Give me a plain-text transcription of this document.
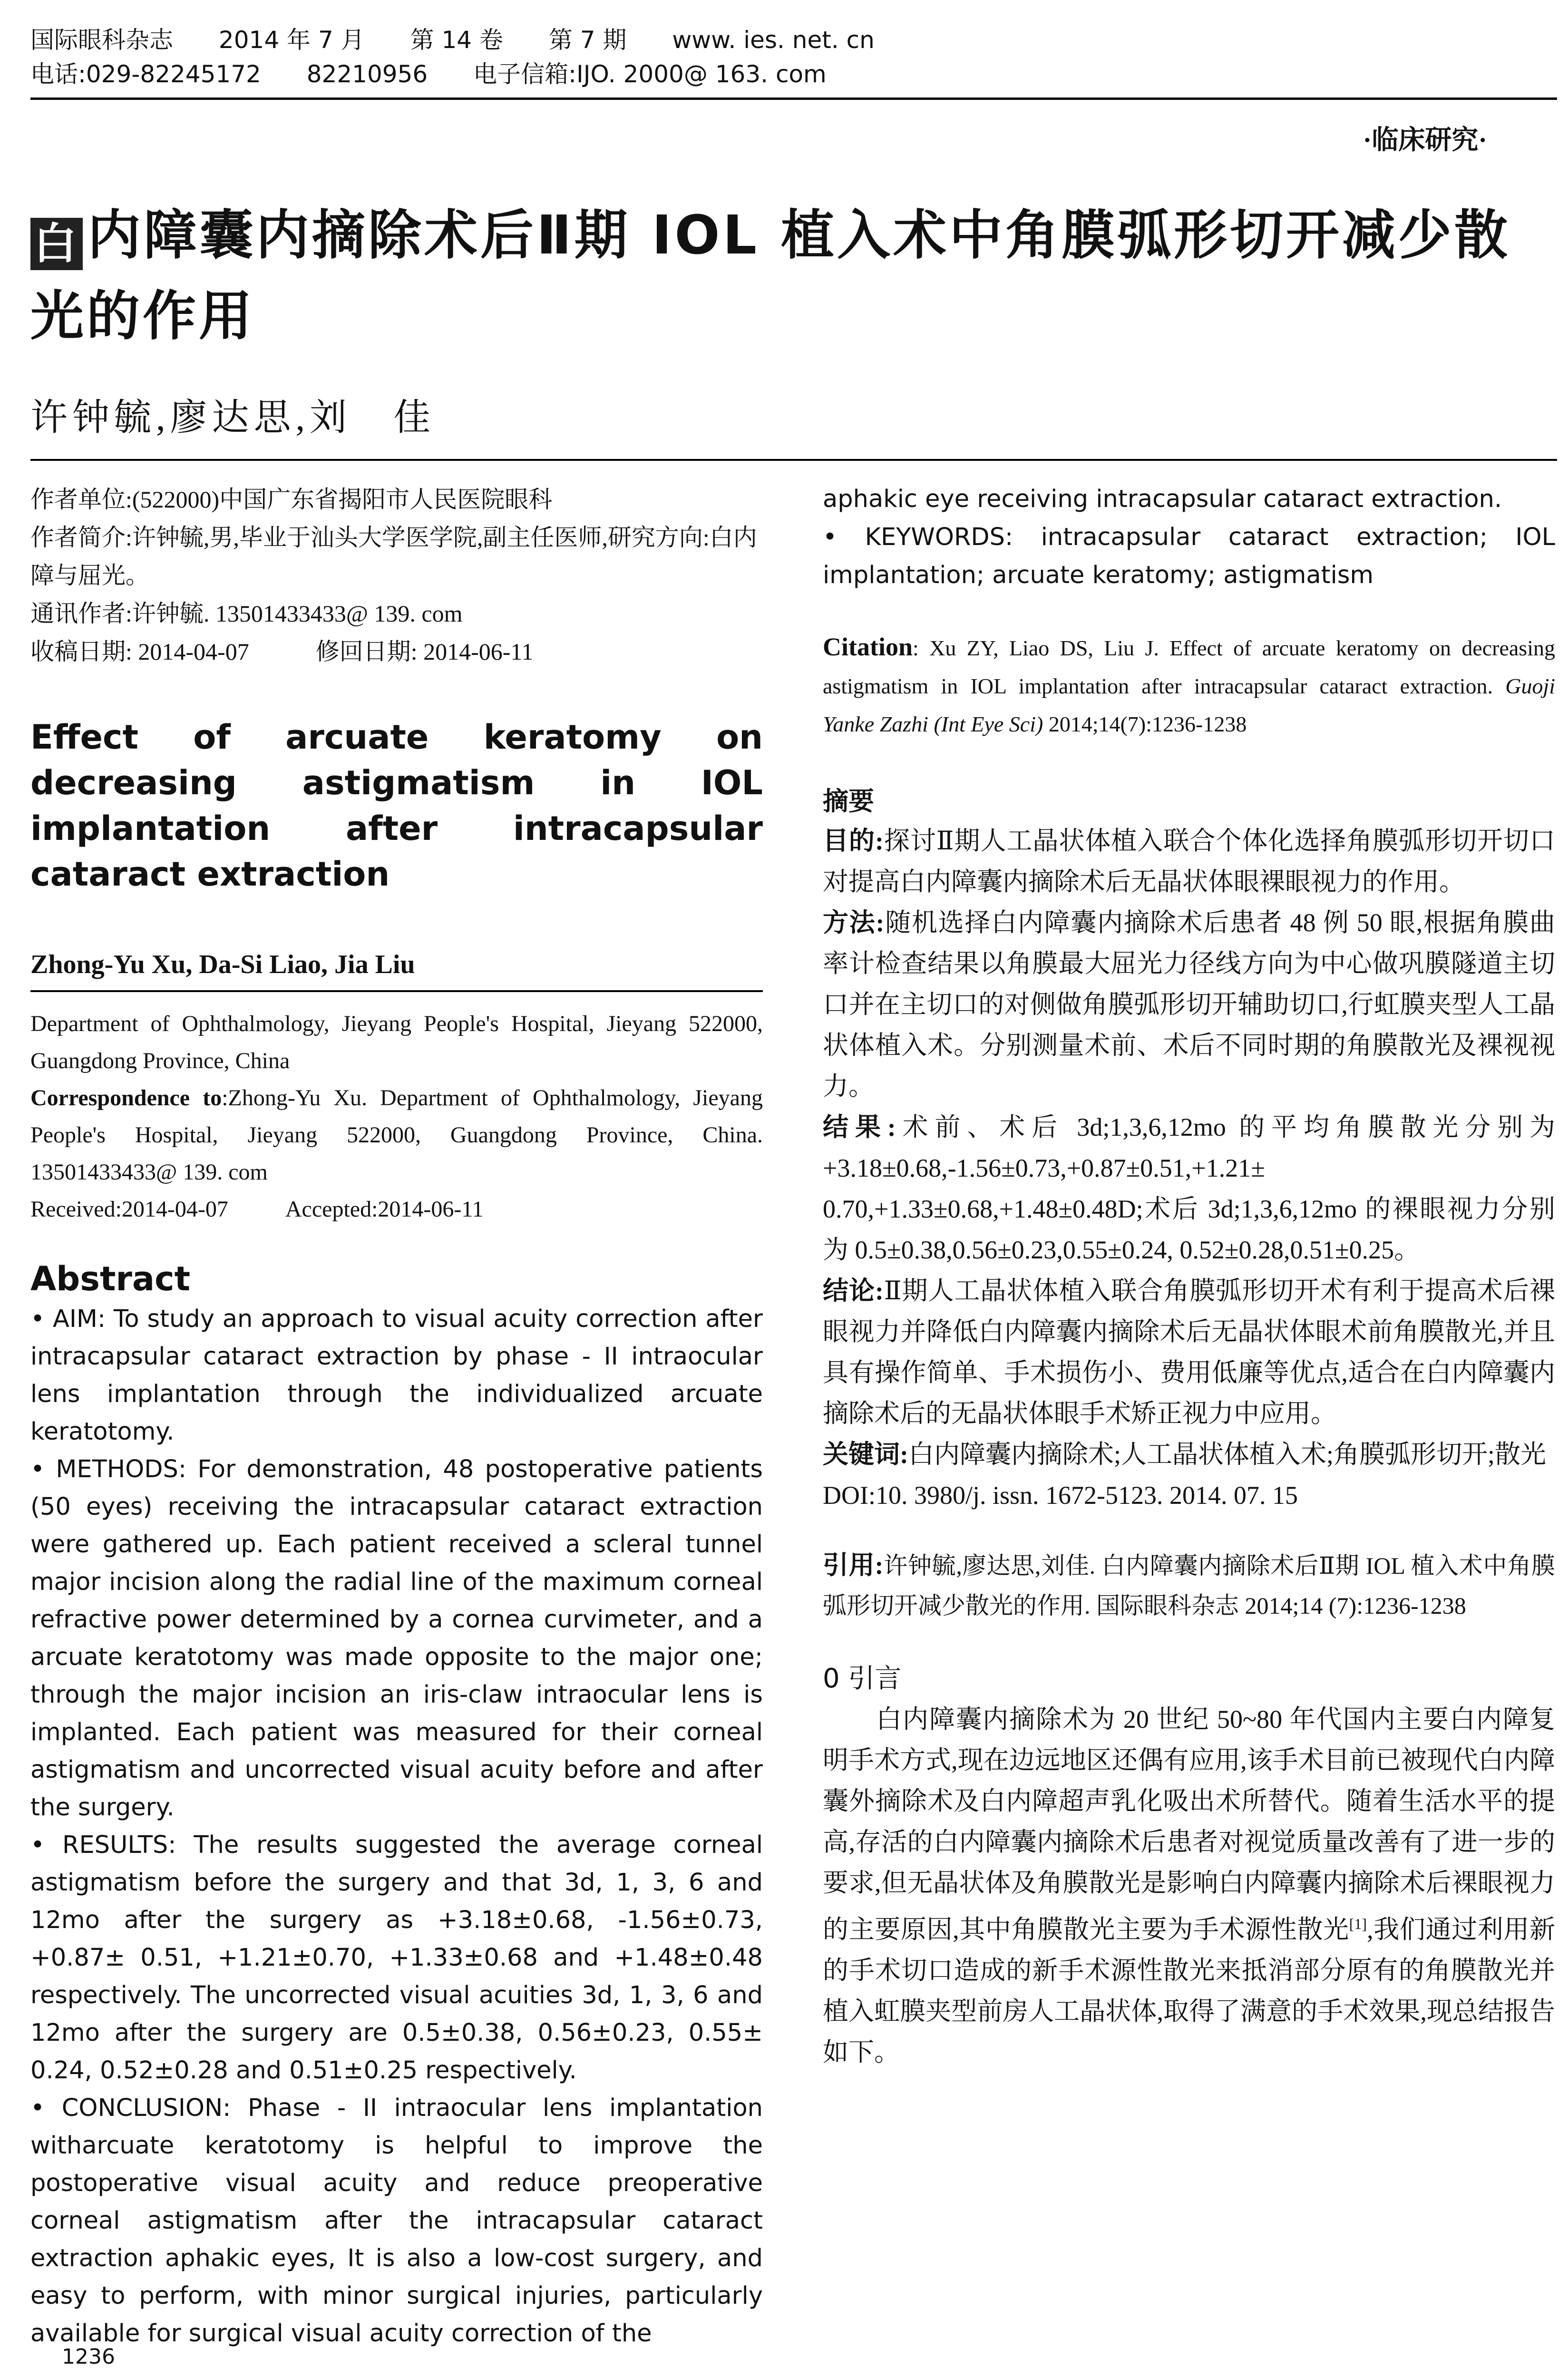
国际眼科杂志 2014 年 7 月 第 14 卷 第 7 期 www. ies. net. cn
电话:029-82245172 82210956 电子信箱:IJO. 2000@ 163. com
·临床研究·
白 内障囊内摘除术后Ⅱ期 IOL 植入术中角膜弧形切开减少散光的作用
许钟毓,廖达思,刘　佳
作者单位:(522000)中国广东省揭阳市人民医院眼科
作者简介:许钟毓,男,毕业于汕头大学医学院,副主任医师,研究方向:白内障与屈光。
通讯作者:许钟毓. 13501433433@ 139. com
收稿日期: 2014-04-07	修回日期: 2014-06-11
Effect of arcuate keratomy on decreasing astigmatism in IOL implantation after intracapsular cataract extraction
Zhong-Yu Xu, Da-Si Liao, Jia Liu
Department of Ophthalmology, Jieyang People's Hospital, Jieyang 522000, Guangdong Province, China
Correspondence to:Zhong-Yu Xu. Department of Ophthalmology, Jieyang People's Hospital, Jieyang 522000, Guangdong Province, China. 13501433433@ 139. com
Received:2014-04-07	Accepted:2014-06-11
Abstract

• AIM: To study an approach to visual acuity correction after intracapsular cataract extraction by phase - II intraocular lens implantation through the individualized arcuate keratotomy.

• METHODS: For demonstration, 48 postoperative patients (50 eyes) receiving the intracapsular cataract extraction were gathered up. Each patient received a scleral tunnel major incision along the radial line of the maximum corneal refractive power determined by a cornea curvimeter, and a arcuate keratotomy was made opposite to the major one; through the major incision an iris-claw intraocular lens is implanted. Each patient was measured for their corneal astigmatism and uncorrected visual acuity before and after the surgery.

• RESULTS: The results suggested the average corneal astigmatism before the surgery and that 3d, 1, 3, 6 and 12mo after the surgery as +3.18±0.68, -1.56±0.73, +0.87± 0.51, +1.21±0.70, +1.33±0.68 and +1.48±0.48 respectively. The uncorrected visual acuities 3d, 1, 3, 6 and 12mo after the surgery are 0.5±0.38, 0.56±0.23, 0.55± 0.24, 0.52±0.28 and 0.51±0.25 respectively.

• CONCLUSION: Phase - II intraocular lens implantation witharcuate keratotomy is helpful to improve the postoperative visual acuity and reduce preoperative corneal astigmatism after the intracapsular cataract extraction aphakic eyes, It is also a low-cost surgery, and easy to perform, with minor surgical injuries, particularly available for surgical visual acuity correction of the

aphakic eye receiving intracapsular cataract extraction.

• KEYWORDS: intracapsular cataract extraction; IOL implantation; arcuate keratomy; astigmatism

Citation: Xu ZY, Liao DS, Liu J. Effect of arcuate keratomy on decreasing astigmatism in IOL implantation after intracapsular cataract extraction. Guoji Yanke Zazhi (Int Eye Sci) 2014;14(7):1236-1238
摘要

目的:探讨Ⅱ期人工晶状体植入联合个体化选择角膜弧形切开切口对提高白内障囊内摘除术后无晶状体眼裸眼视力的作用。

方法:随机选择白内障囊内摘除术后患者 48 例 50 眼,根据角膜曲率计检查结果以角膜最大屈光力径线方向为中心做巩膜隧道主切口并在主切口的对侧做角膜弧形切开辅助切口,行虹膜夹型人工晶状体植入术。分别测量术前、术后不同时期的角膜散光及裸视视力。

结果:术前、术后 3d;1,3,6,12mo 的平均角膜散光分别为 +3.18±0.68,-1.56±0.73,+0.87±0.51,+1.21± 0.70,+1.33±0.68,+1.48±0.48D;术后 3d;1,3,6,12mo 的裸眼视力分别为 0.5±0.38,0.56±0.23,0.55±0.24, 0.52±0.28,0.51±0.25。

结论:Ⅱ期人工晶状体植入联合角膜弧形切开术有利于提高术后裸眼视力并降低白内障囊内摘除术后无晶状体眼术前角膜散光,并且具有操作简单、手术损伤小、费用低廉等优点,适合在白内障囊内摘除术后的无晶状体眼手术矫正视力中应用。

关键词:白内障囊内摘除术;人工晶状体植入术;角膜弧形切开;散光

DOI:10. 3980/j. issn. 1672-5123. 2014. 07. 15

引用:许钟毓,廖达思,刘佳. 白内障囊内摘除术后Ⅱ期 IOL 植入术中角膜弧形切开减少散光的作用. 国际眼科杂志 2014;14 (7):1236-1238
0 引言

白内障囊内摘除术为 20 世纪 50~80 年代国内主要白内障复明手术方式,现在边远地区还偶有应用,该手术目前已被现代白内障囊外摘除术及白内障超声乳化吸出术所替代。随着生活水平的提高,存活的白内障囊内摘除术后患者对视觉质量改善有了进一步的要求,但无晶状体及角膜散光是影响白内障囊内摘除术后裸眼视力的主要原因,其中角膜散光主要为手术源性散光[1],我们通过利用新的手术切口造成的新手术源性散光来抵消部分原有的角膜散光并植入虹膜夹型前房人工晶状体,取得了满意的手术效果,现总结报告如下。

1236
